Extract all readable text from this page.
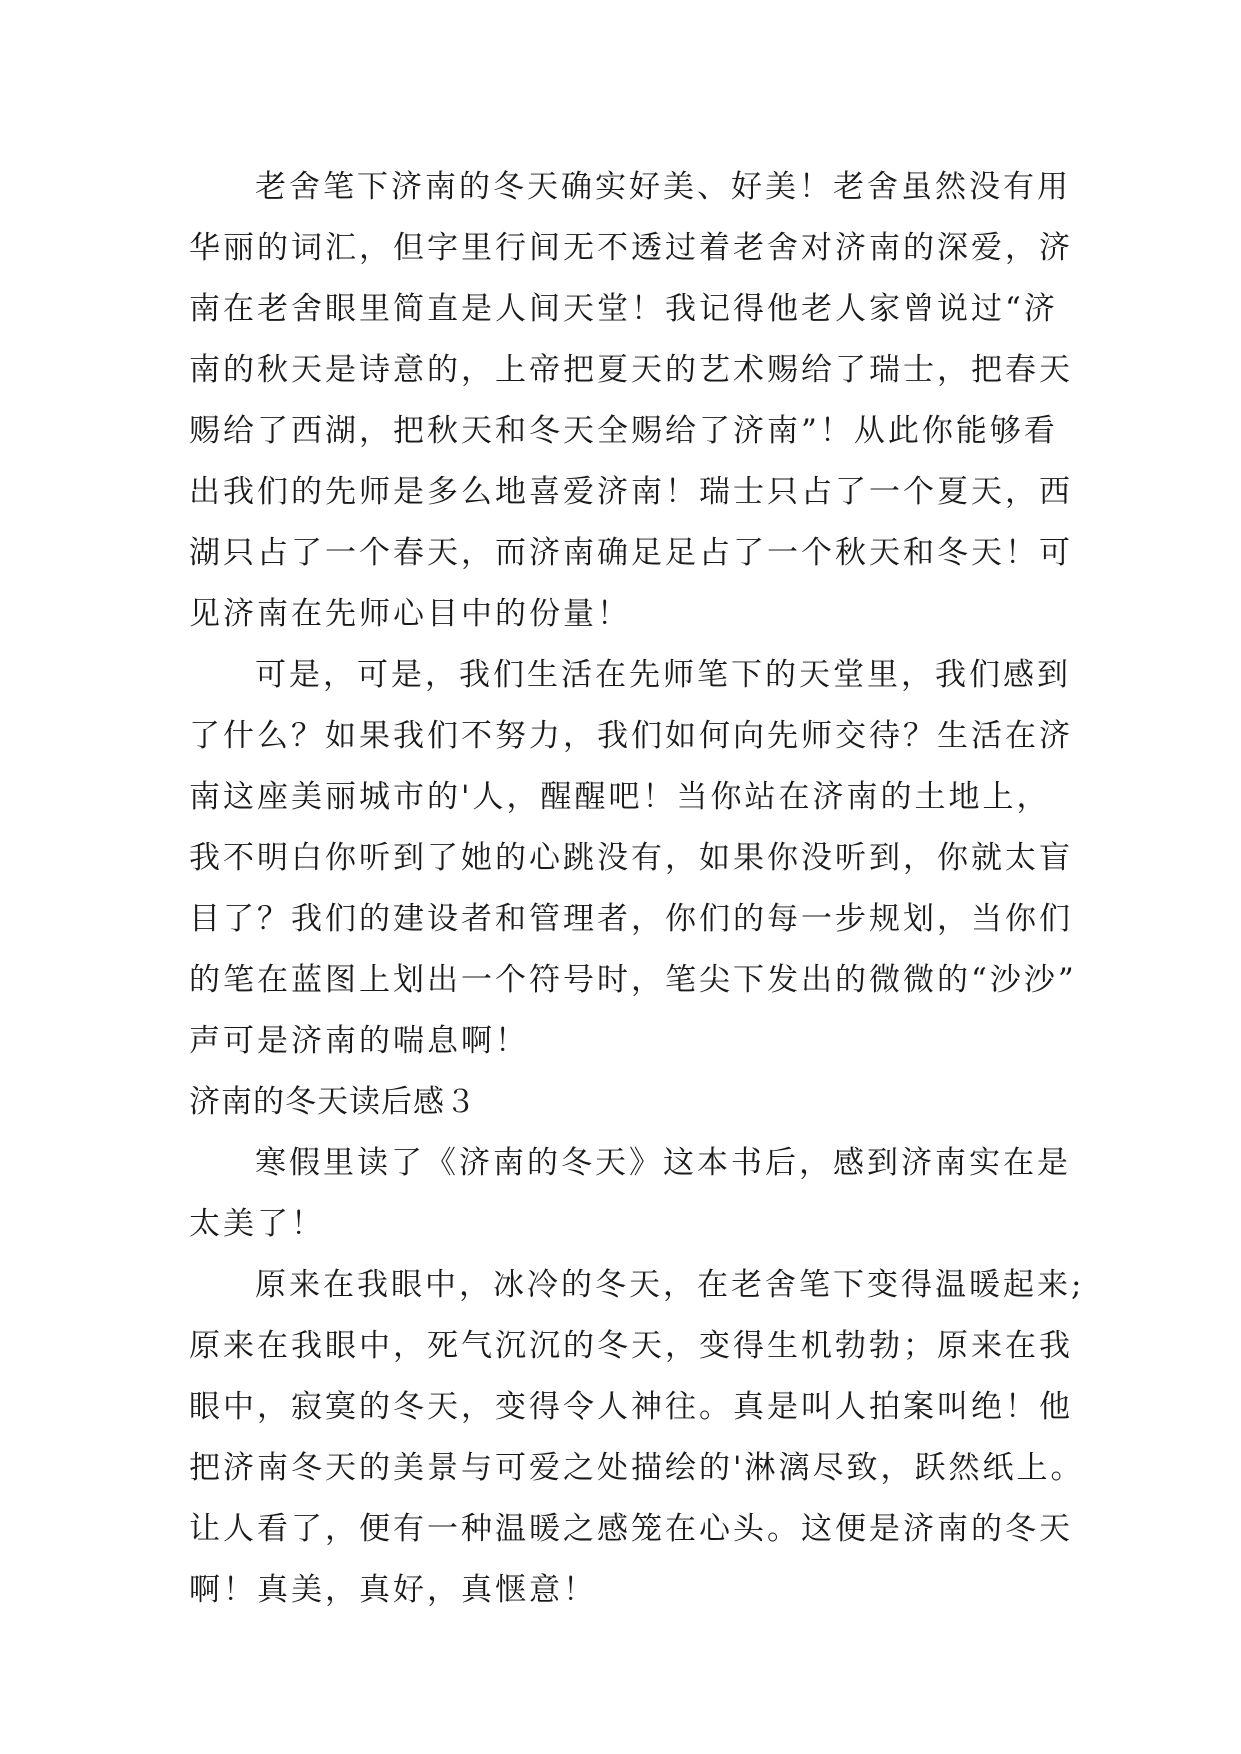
老舍笔下济南的冬天确实好美、好美！老舍虽然没有用
华丽的词汇，但字里行间无不透过着老舍对济南的深爱，济
南在老舍眼里简直是人间天堂！我记得他老人家曾说过“济
南的秋天是诗意的，上帝把夏天的艺术赐给了瑞士，把春天
赐给了西湖，把秋天和冬天全赐给了济南”！从此你能够看
出我们的先师是多么地喜爱济南！瑞士只占了一个夏天，西
湖只占了一个春天，而济南确足足占了一个秋天和冬天！可
见济南在先师心目中的份量！
可是，可是，我们生活在先师笔下的天堂里，我们感到
了什么？如果我们不努力，我们如何向先师交待？生活在济
南这座美丽城市的'人，醒醒吧！当你站在济南的土地上，
我不明白你听到了她的心跳没有，如果你没听到，你就太盲
目了？我们的建设者和管理者，你们的每一步规划，当你们
的笔在蓝图上划出一个符号时，笔尖下发出的微微的“沙沙”
声可是济南的喘息啊！
济南的冬天读后感３
寒假里读了《济南的冬天》这本书后，感到济南实在是
太美了！
原来在我眼中，冰冷的冬天，在老舍笔下变得温暖起来;
原来在我眼中，死气沉沉的冬天，变得生机勃勃；原来在我
眼中，寂寞的冬天，变得令人神往。真是叫人拍案叫绝！他
把济南冬天的美景与可爱之处描绘的'淋漓尽致，跃然纸上。
让人看了，便有一种温暖之感笼在心头。这便是济南的冬天
啊！真美，真好，真惬意！
